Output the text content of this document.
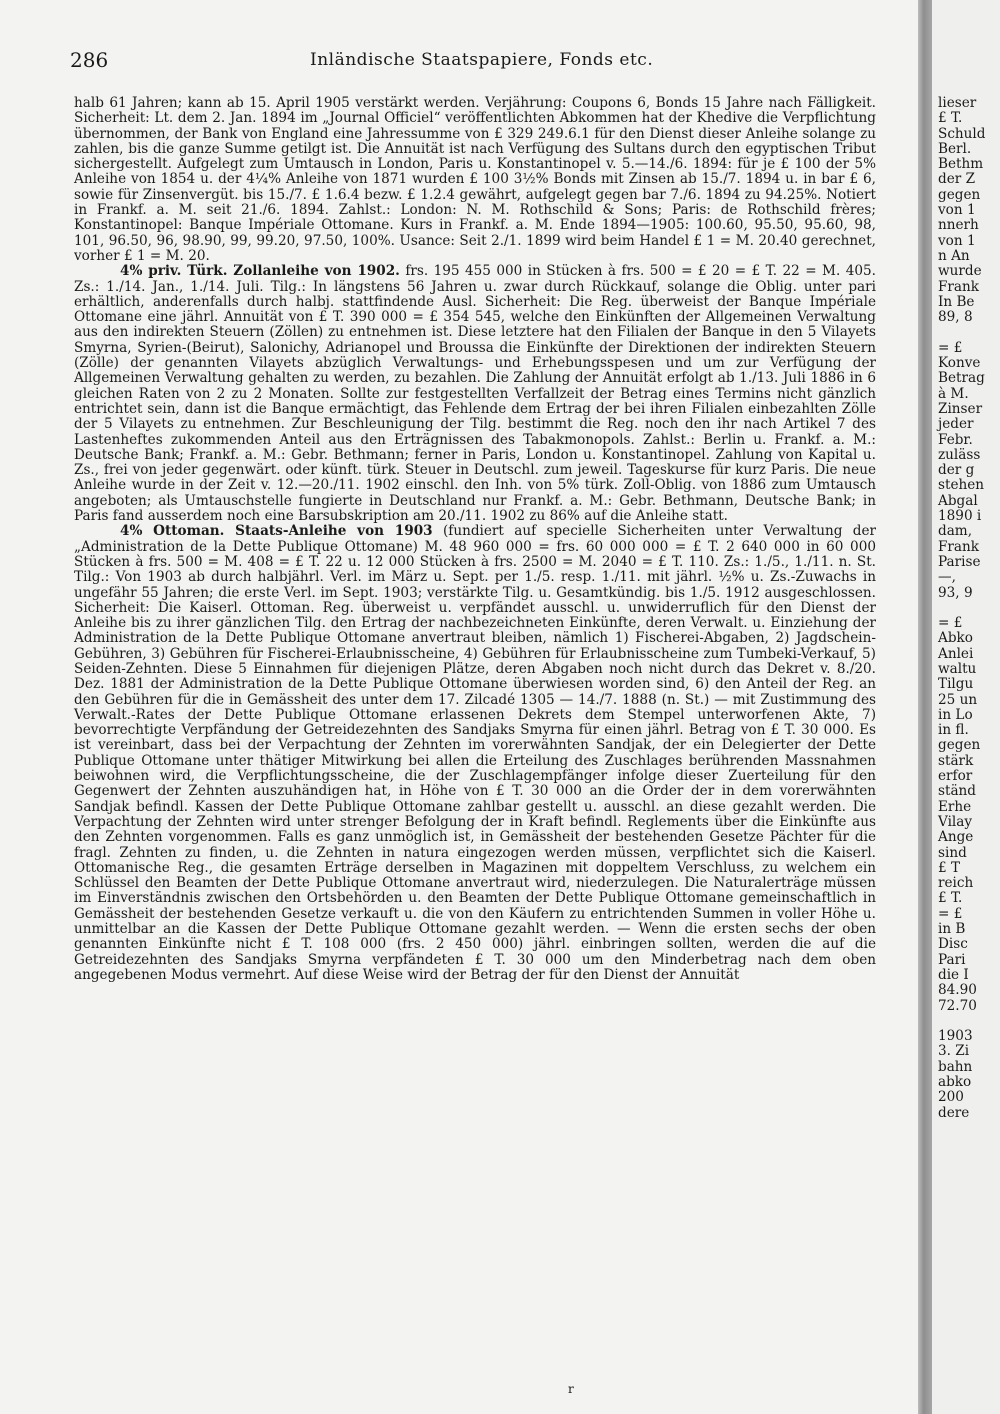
286	Inländische Staatspapiere, Fonds etc.

halb 61 Jahren; kann ab 15. April 1905 verstärkt werden. Verjährung: Coupons 6, Bonds 15 Jahre nach Fälligkeit. Sicherheit: Lt. dem 2. Jan. 1894 im „Journal Officiel“ veröffentlichten Abkommen hat der Khedive die Verpflichtung übernommen, der Bank von England eine Jahressumme von £ 329 249.6.1 für den Dienst dieser Anleihe solange zu zahlen, bis die ganze Summe getilgt ist. Die Annuität ist nach Verfügung des Sultans durch den egyptischen Tribut sichergestellt. Aufgelegt zum Umtausch in London, Paris u. Konstantinopel v. 5.—14./6. 1894: für je £ 100 der 5% Anleihe von 1854 u. der 4¼% Anleihe von 1871 wurden £ 100 3½% Bonds mit Zinsen ab 15./7. 1894 u. in bar £ 6, sowie für Zinsenvergüt. bis 15./7. £ 1.6.4 bezw. £ 1.2.4 gewährt, aufgelegt gegen bar 7./6. 1894 zu 94.25%. Notiert in Frankf. a. M. seit 21./6. 1894. Zahlst.: London: N. M. Rothschild & Sons; Paris: de Rothschild frères; Konstantinopel: Banque Impériale Ottomane. Kurs in Frankf. a. M. Ende 1894—1905: 100.60, 95.50, 95.60, 98, 101, 96.50, 96, 98.90, 99, 99.20, 97.50, 100%. Usance: Seit 2./1. 1899 wird beim Handel £ 1 = M. 20.40 gerechnet, vorher £ 1 = M. 20.

4% priv. Türk. Zollanleihe von 1902. frs. 195 455 000 in Stücken à frs. 500 = £ 20 = £ T. 22 = M. 405. Zs.: 1./14. Jan., 1./14. Juli. Tilg.: In längstens 56 Jahren u. zwar durch Rückkauf, solange die Oblig. unter pari erhältlich, anderenfalls durch halbj. stattfindende Ausl. Sicherheit: Die Reg. überweist der Banque Impériale Ottomane eine jährl. Annuität von £ T. 390 000 = £ 354 545, welche den Einkünften der Allgemeinen Verwaltung aus den indirekten Steuern (Zöllen) zu entnehmen ist. Diese letztere hat den Filialen der Banque in den 5 Vilayets Smyrna, Syrien-(Beirut), Salonichy, Adrianopel und Broussa die Einkünfte der Direktionen der indirekten Steuern (Zölle) der genannten Vilayets abzüglich Verwaltungs- und Erhebungsspesen und um zur Verfügung der Allgemeinen Verwaltung gehalten zu werden, zu bezahlen. Die Zahlung der Annuität erfolgt ab 1./13. Juli 1886 in 6 gleichen Raten von 2 zu 2 Monaten. Sollte zur festgestellten Verfallzeit der Betrag eines Termins nicht gänzlich entrichtet sein, dann ist die Banque ermächtigt, das Fehlende dem Ertrag der bei ihren Filialen einbezahlten Zölle der 5 Vilayets zu entnehmen. Zur Beschleunigung der Tilg. bestimmt die Reg. noch den ihr nach Artikel 7 des Lastenheftes zukommenden Anteil aus den Erträgnissen des Tabakmonopols. Zahlst.: Berlin u. Frankf. a. M.: Deutsche Bank; Frankf. a. M.: Gebr. Bethmann; ferner in Paris, London u. Konstantinopel. Zahlung von Kapital u. Zs., frei von jeder gegenwärt. oder künft. türk. Steuer in Deutschl. zum jeweil. Tageskurse für kurz Paris. Die neue Anleihe wurde in der Zeit v. 12.—20./11. 1902 einschl. den Inh. von 5% türk. Zoll-Oblig. von 1886 zum Umtausch angeboten; als Umtauschstelle fungierte in Deutschland nur Frankf. a. M.: Gebr. Bethmann, Deutsche Bank; in Paris fand ausserdem noch eine Barsubskription am 20./11. 1902 zu 86% auf die Anleihe statt.

4% Ottoman. Staats-Anleihe von 1903 (fundiert auf specielle Sicherheiten unter Verwaltung der „Administration de la Dette Publique Ottomane) M. 48 960 000 = frs. 60 000 000 = £ T. 2 640 000 in 60 000 Stücken à frs. 500 = M. 408 = £ T. 22 u. 12 000 Stücken à frs. 2500 = M. 2040 = £ T. 110. Zs.: 1./5., 1./11. n. St. Tilg.: Von 1903 ab durch halbjährl. Verl. im März u. Sept. per 1./5. resp. 1./11. mit jährl. ½% u. Zs.-Zuwachs in ungefähr 55 Jahren; die erste Verl. im Sept. 1903; verstärkte Tilg. u. Gesamtkündig. bis 1./5. 1912 ausgeschlossen. Sicherheit: Die Kaiserl. Ottoman. Reg. überweist u. verpfändet ausschl. u. unwiderruflich für den Dienst der Anleihe bis zu ihrer gänzlichen Tilg. den Ertrag der nachbezeichneten Einkünfte, deren Verwalt. u. Einziehung der Administration de la Dette Publique Ottomane anvertraut bleiben, nämlich 1) Fischerei-Abgaben, 2) Jagdschein-Gebühren, 3) Gebühren für Fischerei-Erlaubnisscheine, 4) Gebühren für Erlaubnisscheine zum Tumbeki-Verkauf, 5) Seiden-Zehnten. Diese 5 Einnahmen für diejenigen Plätze, deren Abgaben noch nicht durch das Dekret v. 8./20. Dez. 1881 der Administration de la Dette Publique Ottomane überwiesen worden sind, 6) den Anteil der Reg. an den Gebühren für die in Gemässheit des unter dem 17. Zilcadé 1305 — 14./7. 1888 (n. St.) — mit Zustimmung des Verwalt.-Rates der Dette Publique Ottomane erlassenen Dekrets dem Stempel unterworfenen Akte, 7) bevorrechtigte Verpfändung der Getreidezehnten des Sandjaks Smyrna für einen jährl. Betrag von £ T. 30 000. Es ist vereinbart, dass bei der Verpachtung der Zehnten im vorerwähnten Sandjak, der ein Delegierter der Dette Publique Ottomane unter thätiger Mitwirkung bei allen die Erteilung des Zuschlages berührenden Massnahmen beiwohnen wird, die Verpflichtungsscheine, die der Zuschlagempfänger infolge dieser Zuerteilung für den Gegenwert der Zehnten auszuhändigen hat, in Höhe von £ T. 30 000 an die Order der in dem vorerwähnten Sandjak befindl. Kassen der Dette Publique Ottomane zahlbar gestellt u. ausschl. an diese gezahlt werden. Die Verpachtung der Zehnten wird unter strenger Befolgung der in Kraft befindl. Reglements über die Einkünfte aus den Zehnten vorgenommen. Falls es ganz unmöglich ist, in Gemässheit der bestehenden Gesetze Pächter für die fragl. Zehnten zu finden, u. die Zehnten in natura eingezogen werden müssen, verpflichtet sich die Kaiserl. Ottomanische Reg., die gesamten Erträge derselben in Magazinen mit doppeltem Verschluss, zu welchem ein Schlüssel den Beamten der Dette Publique Ottomane anvertraut wird, niederzulegen. Die Naturalerträge müssen im Einverständnis zwischen den Ortsbehörden u. den Beamten der Dette Publique Ottomane gemeinschaftlich in Gemässheit der bestehenden Gesetze verkauft u. die von den Käufern zu entrichtenden Summen in voller Höhe u. unmittelbar an die Kassen der Dette Publique Ottomane gezahlt werden. — Wenn die ersten sechs der oben genannten Einkünfte nicht £ T. 108 000 (frs. 2 450 000) jährl. einbringen sollten, werden die auf die Getreidezehnten des Sandjaks Smyrna verpfändeten £ T. 30 000 um den Minderbetrag nach dem oben angegebenen Modus vermehrt. Auf diese Weise wird der Betrag der für den Dienst der Annuität

r
lieser
£ T.
Schuld
Berl.
Bethm
der Z
gegen
von 1
nnerh
von 1
n An
wurde
Frank
In Be
89, 8
= £
Konve
Betrag
à M.
Zinser
jeder
Febr.
zuläss
der g
stehen
Abgal
1890 i
dam,
Frank
Parise
—,
93, 9
= £
Abko
Anlei
waltu
Tilgu
25 un
in Lo
in fl.
gegen
stärk
erfor
ständ
Erhe
Vilay
Ange
sind
£ T
reich
£ T.
= £
in B
Disc
Pari
die I
84.90
72.70
1903
3. Zi
bahn
abko
200
dere
